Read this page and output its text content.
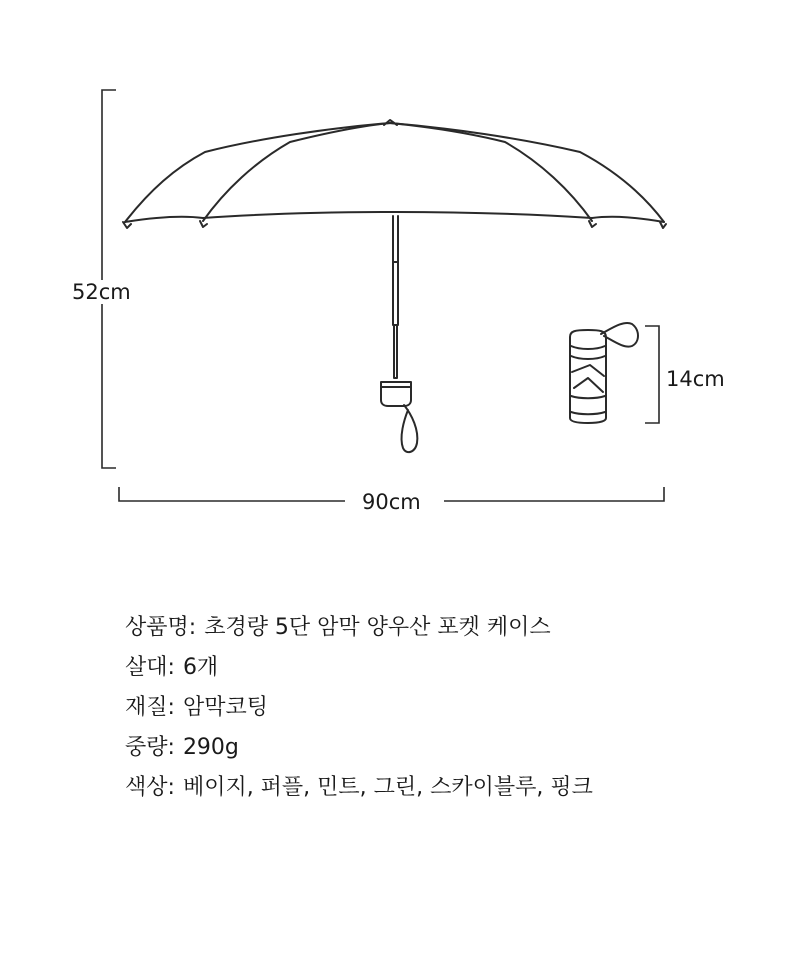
52cm
90cm
14cm
상품명 : 초경량 5단 암막 양우산 포켓 케이스
살대 : 6개
재질 : 암막코팅
중량 : 290g
색상 : 베이지, 퍼플, 민트, 그린, 스카이블루, 핑크
